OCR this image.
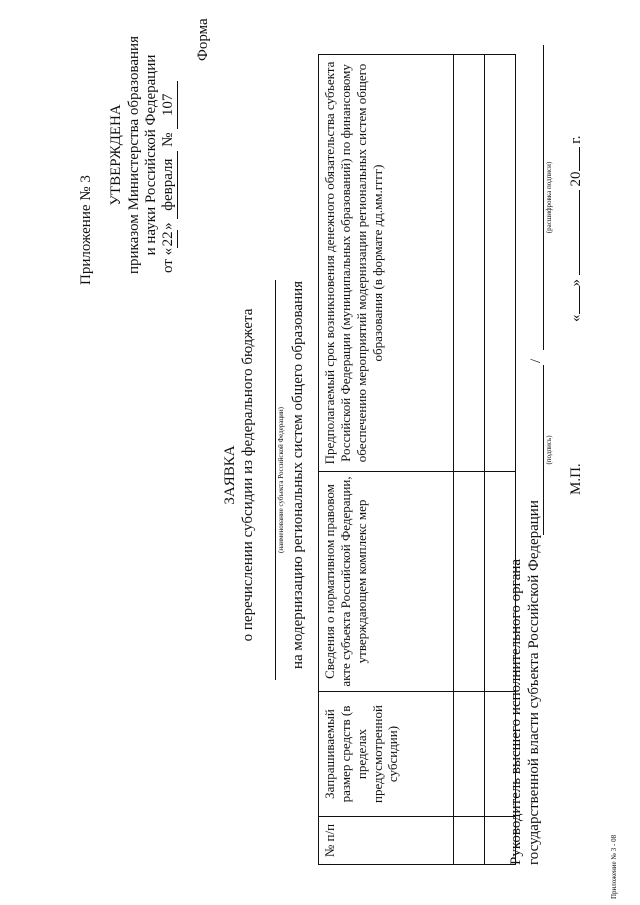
Приложение № 3
УТВЕРЖДЕНА приказом Министерства образования и науки Российской Федерации
от «22» февраля № 107
Форма
ЗАЯВКА о перечислении субсидии из федерального бюджета	(наименование субъекта Российской Федерации) на модернизацию региональных систем общего образования
№ п/п	Запрашиваемый размер средств (в пределах предусмотренной субсидии)	Сведения о нормативном правовом акте субъекта Российской Федерации, утверждающем комплекс мер	Предполагаемый срок возникновения денежного обязательства субъекта Российской Федерации (муниципальных образований) по финансовому обеспечению мероприятий модернизации региональных систем общего образования (в формате дд.мм.гггг)

Руководитель высшего исполнительного органа государственной власти субъекта Российской Федерации
/
(подпись)
(расшифровка подписи)
М.П.
«»  20 г.
Приложение № 3 - 08
